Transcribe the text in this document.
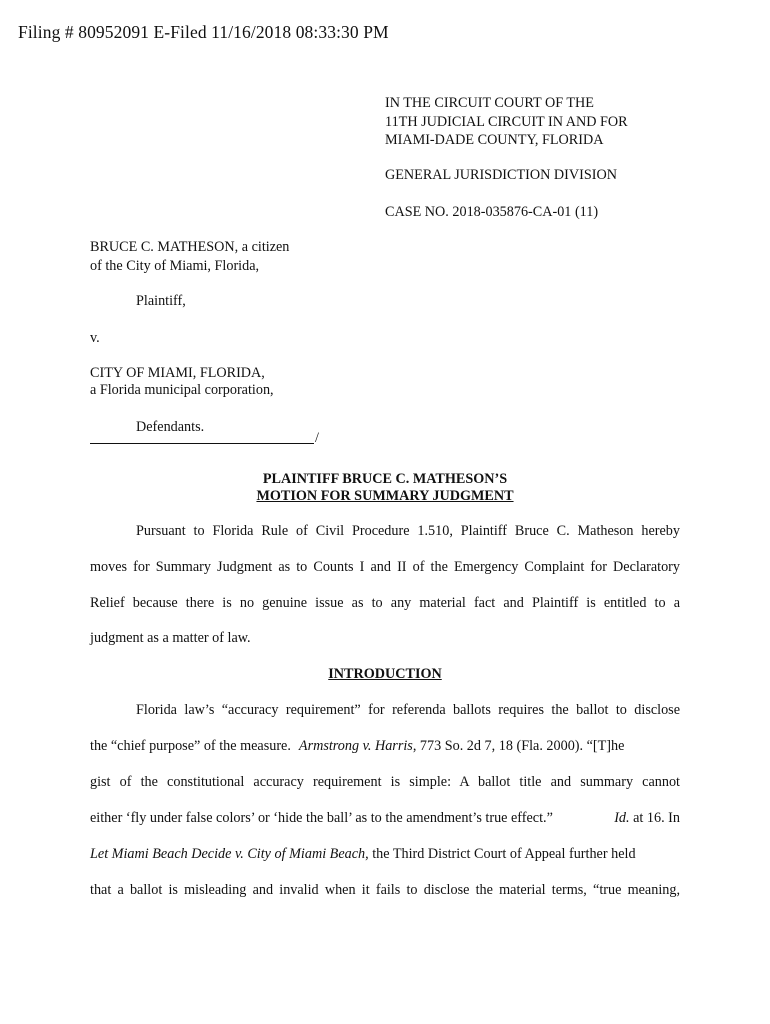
Filing # 80952091 E-Filed 11/16/2018 08:33:30 PM
IN THE CIRCUIT COURT OF THE
11TH JUDICIAL CIRCUIT IN AND FOR
MIAMI-DADE COUNTY, FLORIDA
GENERAL JURISDICTION DIVISION
CASE NO. 2018-035876-CA-01 (11)
BRUCE C. MATHESON, a citizen
of the City of Miami, Florida,
Plaintiff,
v.
CITY OF MIAMI, FLORIDA,
a Florida municipal corporation,
Defendants.
/
PLAINTIFF BRUCE C. MATHESON’S
MOTION FOR SUMMARY JUDGMENT
Pursuant to Florida Rule of Civil Procedure 1.510, Plaintiff Bruce C. Matheson hereby
moves for Summary Judgment as to Counts I and II of the Emergency Complaint for Declaratory
Relief because there is no genuine issue as to any material fact and Plaintiff is entitled to a
judgment as a matter of law.
INTRODUCTION
Florida law’s “accuracy requirement” for referenda ballots requires the ballot to disclose
the “chief purpose” of the measure. Armstrong v. Harris, 773 So. 2d 7, 18 (Fla. 2000). “[T]he
gist of the constitutional accuracy requirement is simple: A ballot title and summary cannot
either ‘fly under false colors’ or ‘hide the ball’ as to the amendment’s true effect.”	Id. at 16. In
Let Miami Beach Decide v. City of Miami Beach, the Third District Court of Appeal further held
that a ballot is misleading and invalid when it fails to disclose the material terms, “true meaning,
